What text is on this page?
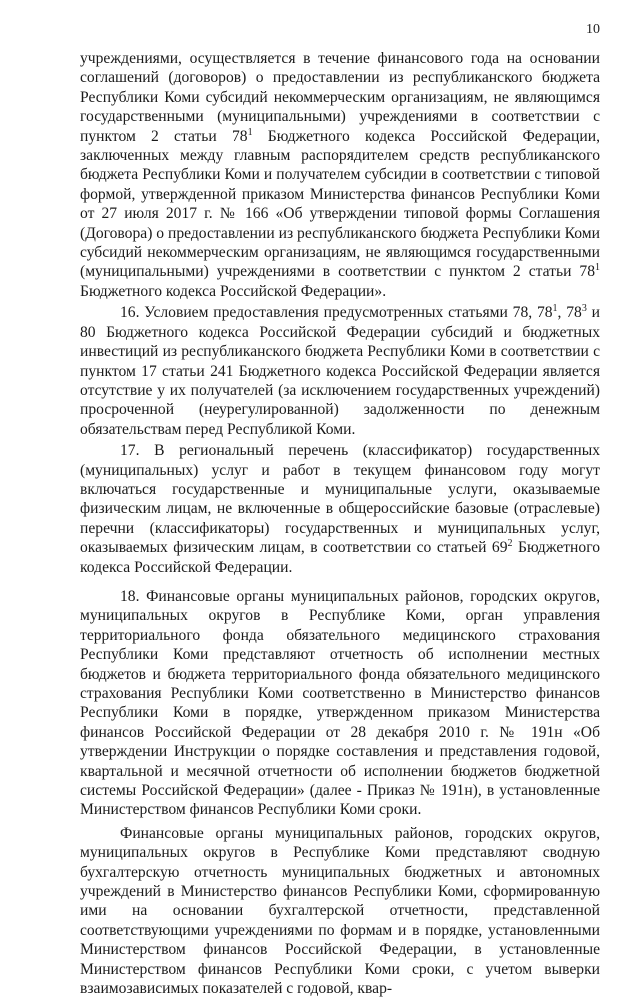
10

учреждениями, осуществляется в течение финансового года на основании соглашений (договоров) о предоставлении из республиканского бюджета Республики Коми субсидий некоммерческим организациям, не являющимся государственными (муниципальными) учреждениями в соответствии с пунктом 2 статьи $78^1$ Бюджетного кодекса Российской Федерации, заключенных между главным распорядителем средств республиканского бюджета Республики Коми и получателем субсидии в соответствии с типовой формой, утвержденной приказом Министерства финансов Республики Коми от 27 июля 2017 г. № 166 «Об утверждении типовой формы Соглашения (Договора) о предоставлении из республиканского бюджета Республики Коми субсидий некоммерческим организациям, не являющимся государственными (муниципальными) учреждениями в соответствии с пунктом 2 статьи $78^1$ Бюджетного кодекса Российской Федерации».

16. Условием предоставления предусмотренных статьями 78, $78^1$, $78^3$ и 80 Бюджетного кодекса Российской Федерации субсидий и бюджетных инвестиций из республиканского бюджета Республики Коми в соответствии с пунктом 17 статьи 241 Бюджетного кодекса Российской Федерации является отсутствие у их получателей (за исключением государственных учреждений) просроченной (неурегулированной) задолженности по денежным обязательствам перед Республикой Коми.

17. В региональный перечень (классификатор) государственных (муниципальных) услуг и работ в текущем финансовом году могут включаться государственные и муниципальные услуги, оказываемые физическим лицам, не включенные в общероссийские базовые (отраслевые) перечни (классификаторы) государственных и муниципальных услуг, оказываемых физическим лицам, в соответствии со статьей $69^2$ Бюджетного кодекса Российской Федерации.

18. Финансовые органы муниципальных районов, городских округов, муниципальных округов в Республике Коми, орган управления территориального фонда обязательного медицинского страхования Республики Коми представляют отчетность об исполнении местных бюджетов и бюджета территориального фонда обязательного медицинского страхования Республики Коми соответственно в Министерство финансов Республики Коми в порядке, утвержденном приказом Министерства финансов Российской Федерации от 28 декабря 2010 г. № 191н «Об утверждении Инструкции о порядке составления и представления годовой, квартальной и месячной отчетности об исполнении бюджетов бюджетной системы Российской Федерации» (далее - Приказ № 191н), в установленные Министерством финансов Республики Коми сроки.

Финансовые органы муниципальных районов, городских округов, муниципальных округов в Республике Коми представляют сводную бухгалтерскую отчетность муниципальных бюджетных и автономных учреждений в Министерство финансов Республики Коми, сформированную ими на основании бухгалтерской отчетности, представленной соответствующими учреждениями по формам и в порядке, установленными Министерством финансов Российской Федерации, в установленные Министерством финансов Республики Коми сроки, с учетом выверки взаимозависимых показателей с годовой, квар-
